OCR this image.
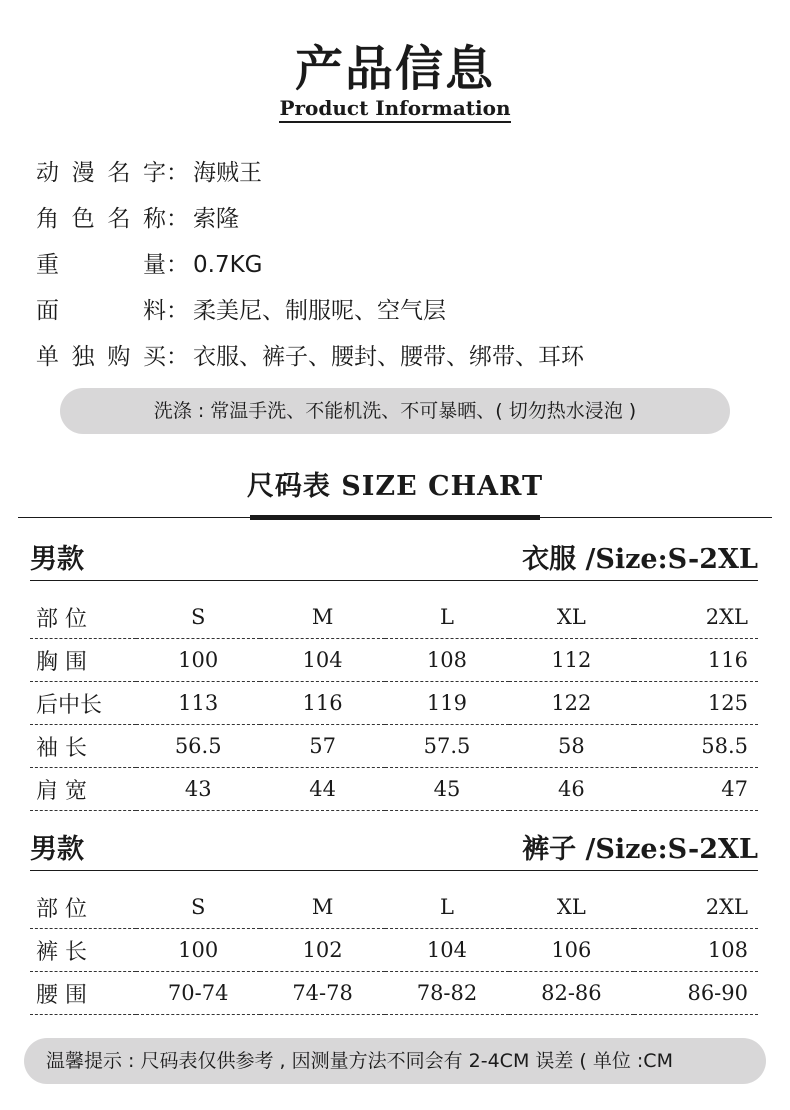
产品信息
Product Information
动漫名字： 海贼王
角色名称： 索隆
重量： 0.7KG
面料： 柔美尼、制服呢、空气层
单独购买： 衣服、裤子、腰封、腰带、绑带、耳环
洗涤 : 常温手洗、不能机洗、不可暴晒、( 切勿热水浸泡 )
尺码表 SIZE CHART
男款	衣服 /Size:S-2XL
部 位	S	M	L	XL	2XL
胸 围	100	104	108	112	116
后中长	113	116	119	122	125
袖 长	56.5	57	57.5	58	58.5
肩 宽	43	44	45	46	47
男款	裤子 /Size:S-2XL
部 位	S	M	L	XL	2XL
裤 长	100	102	104	106	108
腰 围	70-74	74-78	78-82	82-86	86-90
温馨提示 : 尺码表仅供参考 , 因测量方法不同会有 2-4CM 误差 ( 单位 :CM
